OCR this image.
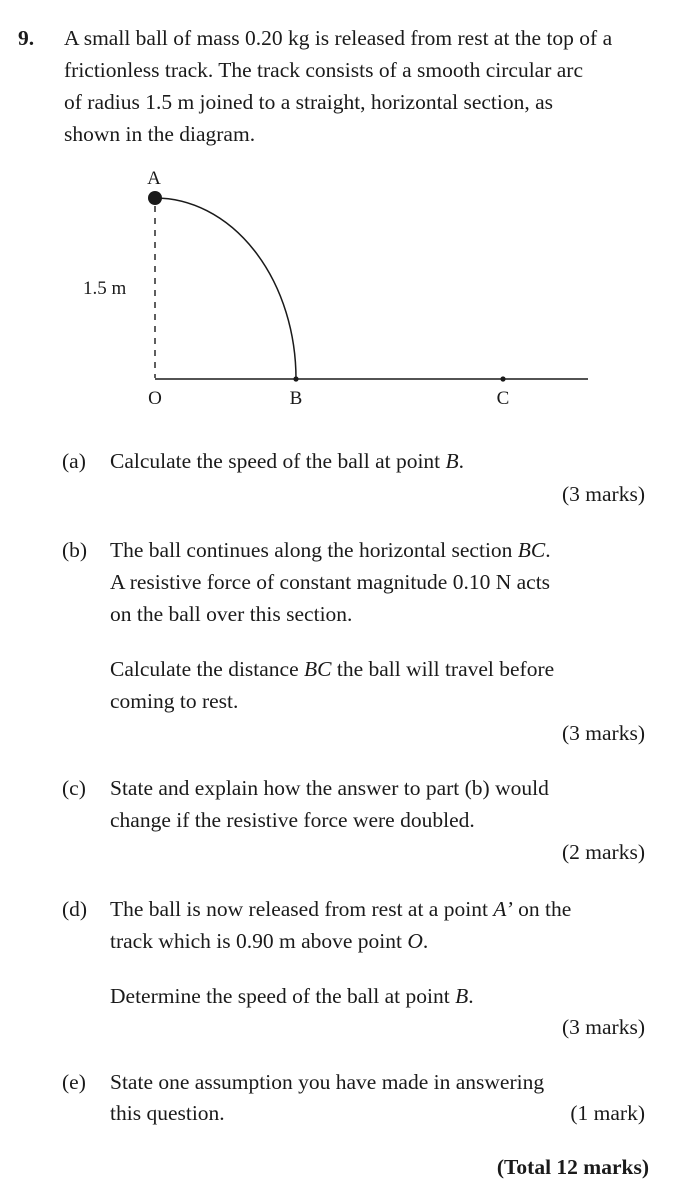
9. A small ball of mass 0.20 kg is released from rest at the top of a
frictionless track. The track consists of a smooth circular arc
of radius 1.5 m joined to a straight, horizontal section, as
shown in the diagram.
A
1.5 m
O	B	C
(a) Calculate the speed of the ball at point B.
(3 marks)
(b) The ball continues along the horizontal section BC.
A resistive force of constant magnitude 0.10 N acts
on the ball over this section.
Calculate the distance BC the ball will travel before
coming to rest.
(3 marks)
(c) State and explain how the answer to part (b) would
change if the resistive force were doubled.
(2 marks)
(d) The ball is now released from rest at a point A’ on the
track which is 0.90 m above point O.
Determine the speed of the ball at point B.
(3 marks)
(e) State one assumption you have made in answering
this question.	(1 mark)
(Total 12 marks)
